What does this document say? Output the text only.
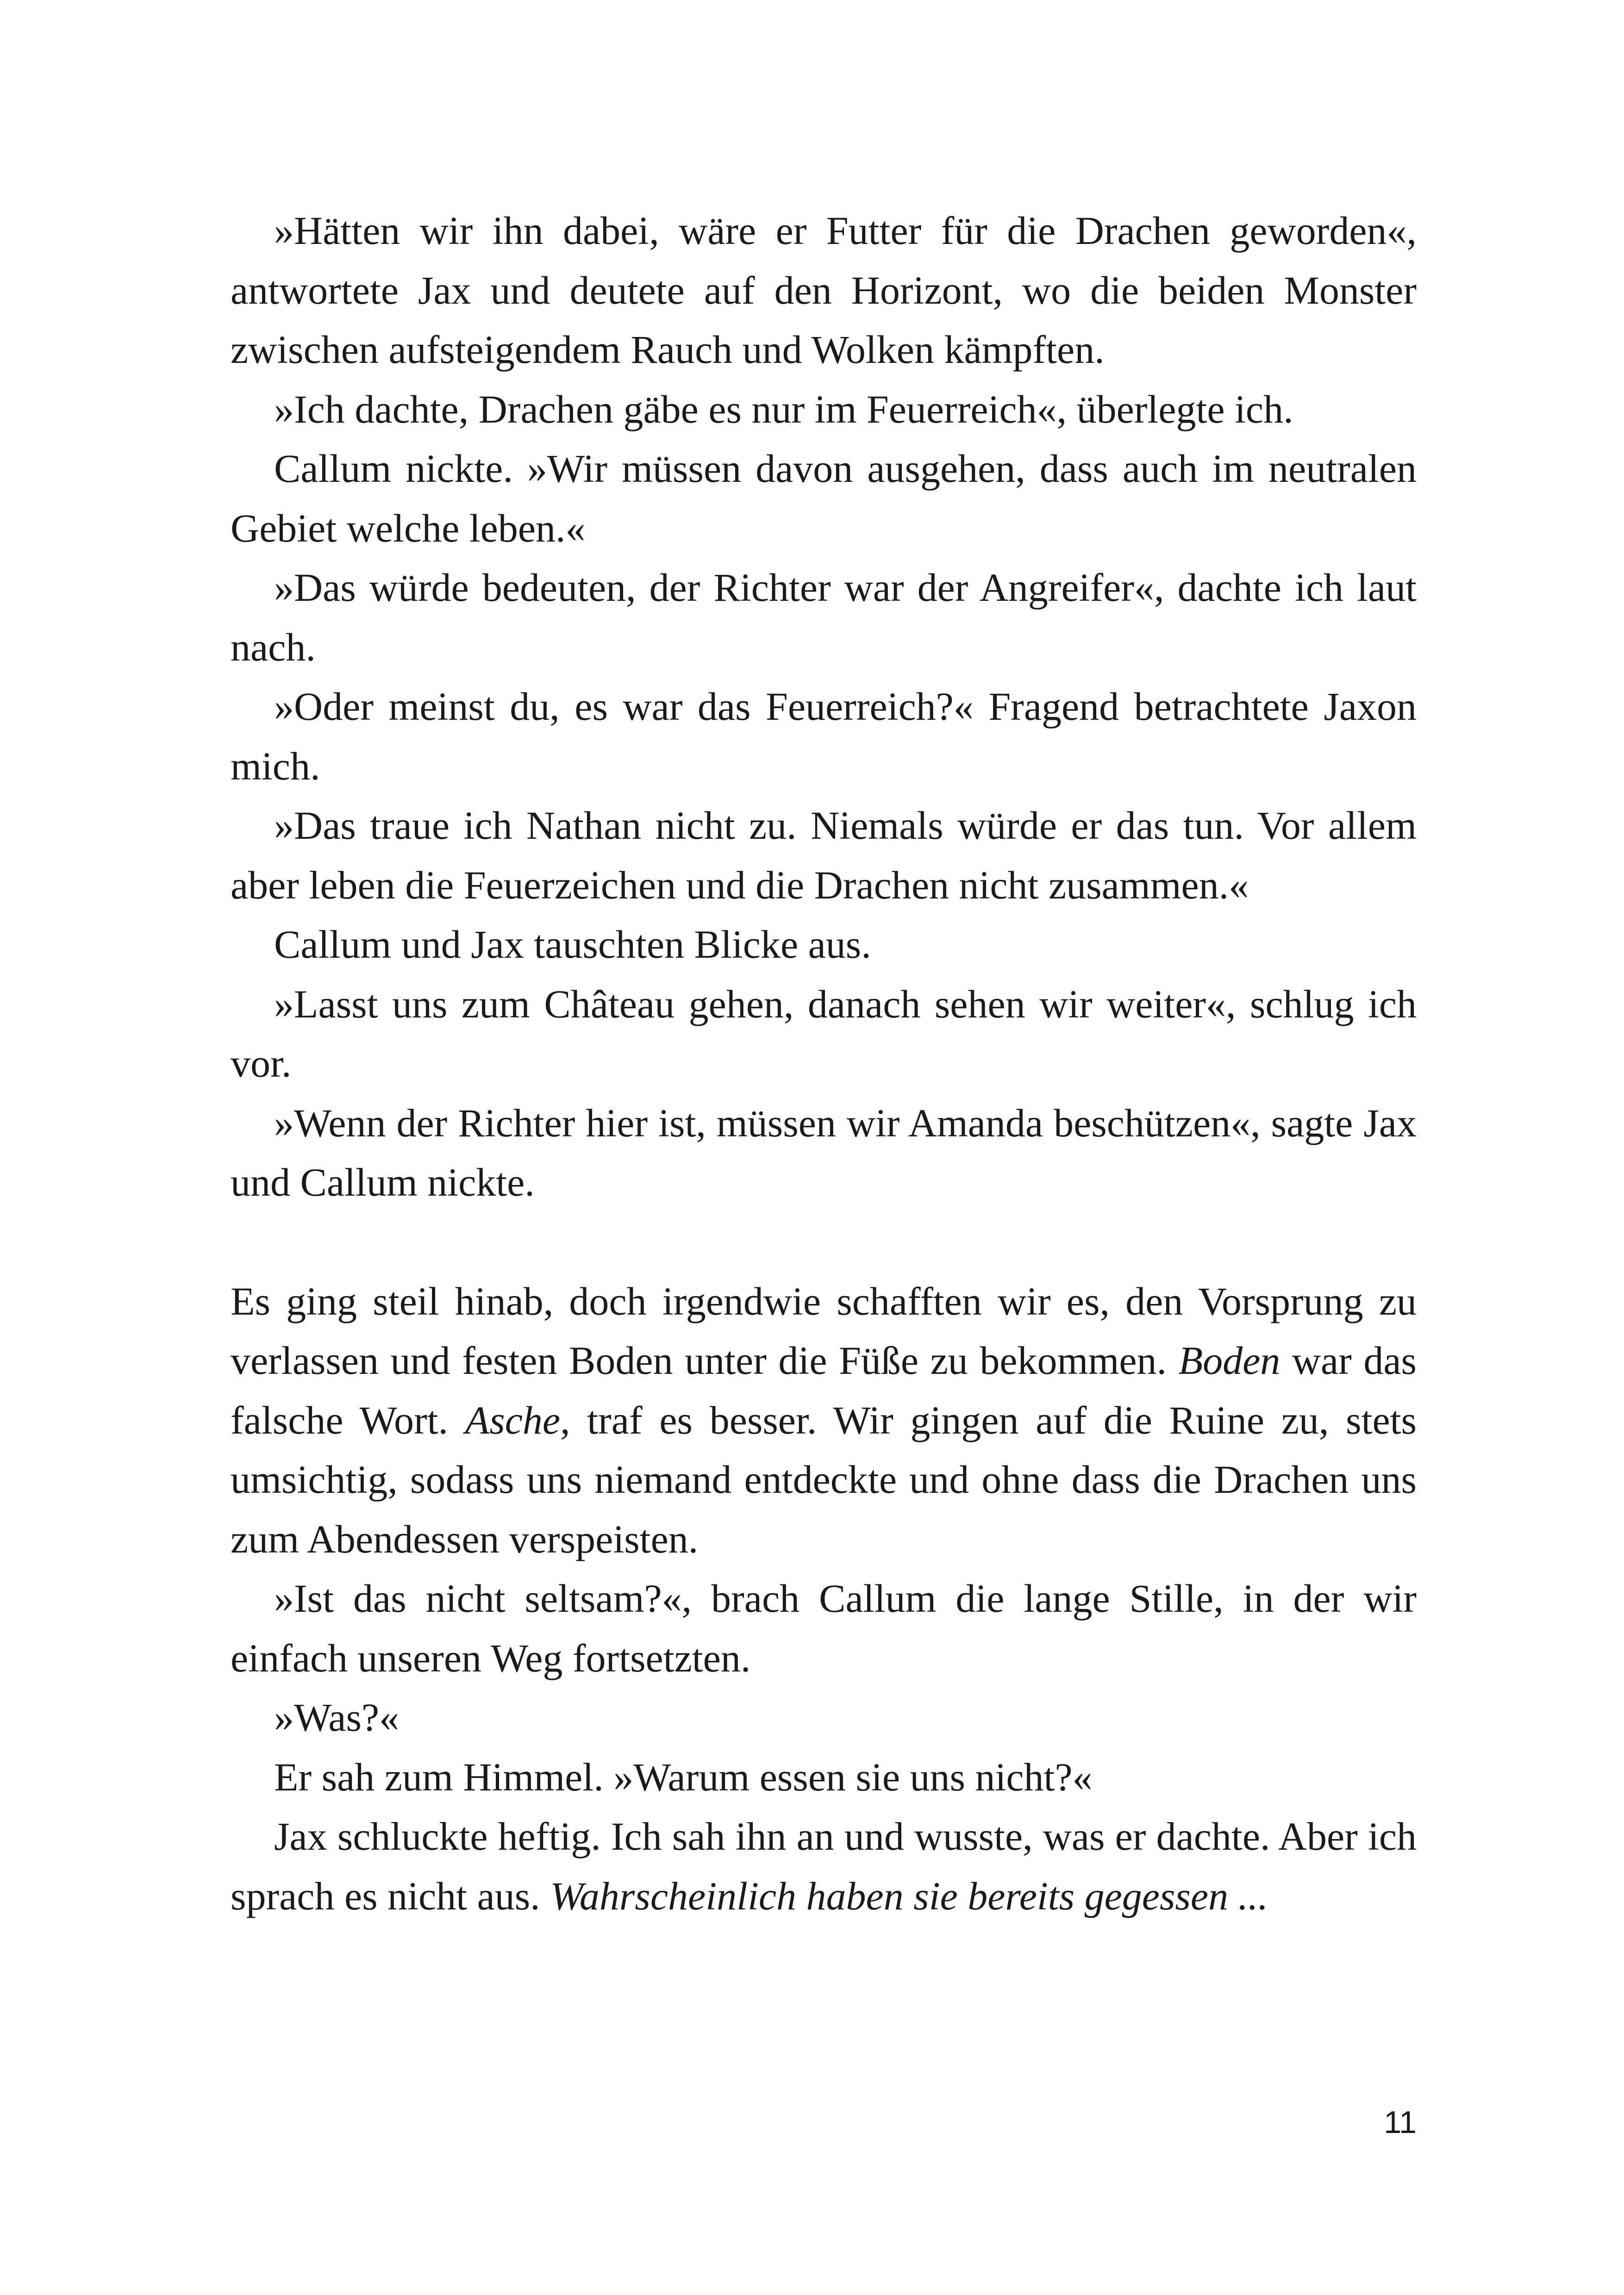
»Hätten wir ihn dabei, wäre er Futter für die Drachen geworden«, antwortete Jax und deutete auf den Horizont, wo die beiden Monster zwischen aufsteigendem Rauch und Wolken kämpften.

»Ich dachte, Drachen gäbe es nur im Feuerreich«, überlegte ich.

Callum nickte. »Wir müssen davon ausgehen, dass auch im neutralen Gebiet welche leben.«

»Das würde bedeuten, der Richter war der Angreifer«, dachte ich laut nach.

»Oder meinst du, es war das Feuerreich?« Fragend betrachtete Jaxon mich.

»Das traue ich Nathan nicht zu. Niemals würde er das tun. Vor allem aber leben die Feuerzeichen und die Drachen nicht zusammen.«

Callum und Jax tauschten Blicke aus.

»Lasst uns zum Château gehen, danach sehen wir weiter«, schlug ich vor.

»Wenn der Richter hier ist, müssen wir Amanda beschützen«, sagte Jax und Callum nickte.

Es ging steil hinab, doch irgendwie schafften wir es, den Vorsprung zu verlassen und festen Boden unter die Füße zu bekommen. Boden war das falsche Wort. Asche, traf es besser. Wir gingen auf die Ruine zu, stets umsichtig, sodass uns niemand entdeckte und ohne dass die Drachen uns zum Abendessen verspeisten.

»Ist das nicht seltsam?«, brach Callum die lange Stille, in der wir einfach unseren Weg fortsetzten.

»Was?«

Er sah zum Himmel. »Warum essen sie uns nicht?«

Jax schluckte heftig. Ich sah ihn an und wusste, was er dachte. Aber ich sprach es nicht aus. Wahrscheinlich haben sie bereits gegessen ...

11
